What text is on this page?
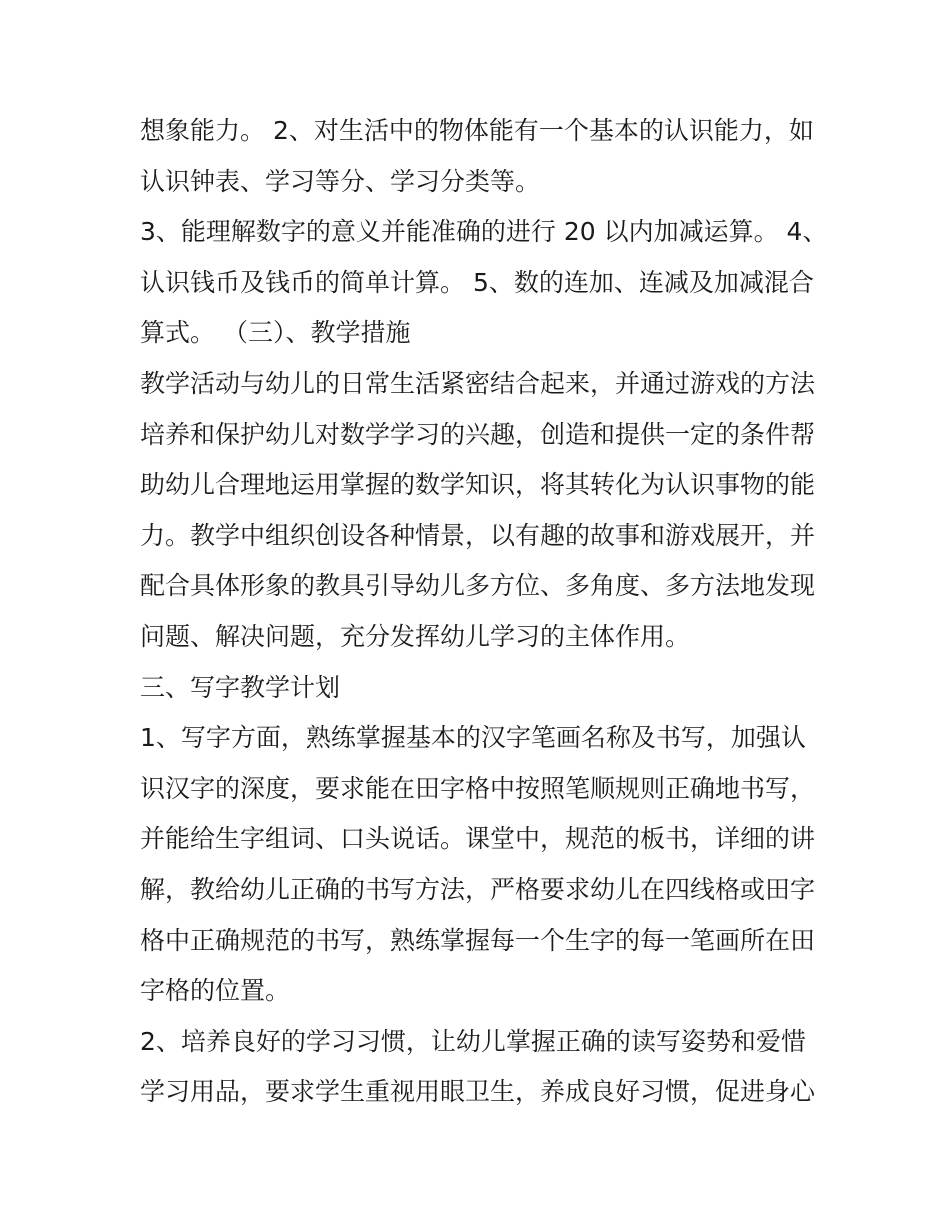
想象能力。 2、对生活中的物体能有一个基本的认识能力，如
认识钟表、学习等分、学习分类等。
3、能理解数字的意义并能准确的进行 20 以内加减运算。 4、
认识钱币及钱币的简单计算。 5、数的连加、连减及加减混合
算式。 （三）、教学措施
教学活动与幼儿的日常生活紧密结合起来，并通过游戏的方法
培养和保护幼儿对数学学习的兴趣，创造和提供一定的条件帮
助幼儿合理地运用掌握的数学知识，将其转化为认识事物的能
力。教学中组织创设各种情景，以有趣的故事和游戏展开，并
配合具体形象的教具引导幼儿多方位、多角度、多方法地发现
问题、解决问题，充分发挥幼儿学习的主体作用。
三、写字教学计划
1、写字方面，熟练掌握基本的汉字笔画名称及书写，加强认
识汉字的深度，要求能在田字格中按照笔顺规则正确地书写，
并能给生字组词、口头说话。课堂中，规范的板书，详细的讲
解，教给幼儿正确的书写方法，严格要求幼儿在四线格或田字
格中正确规范的书写，熟练掌握每一个生字的每一笔画所在田
字格的位置。
2、培养良好的学习习惯，让幼儿掌握正确的读写姿势和爱惜
学习用品，要求学生重视用眼卫生，养成良好习惯，促进身心
